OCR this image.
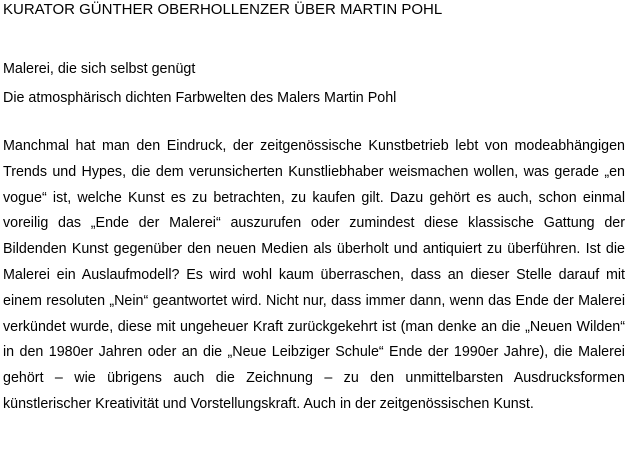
KURATOR GÜNTHER OBERHOLLENZER ÜBER MARTIN POHL

Malerei, die sich selbst genügt

Die atmosphärisch dichten Farbwelten des Malers Martin Pohl

Manchmal hat man den Eindruck, der zeitgenössische Kunstbetrieb lebt von modeabhängigen Trends und Hypes, die dem verunsicherten Kunstliebhaber weismachen wollen, was gerade „en vogue“ ist, welche Kunst es zu betrachten, zu kaufen gilt. Dazu gehört es auch, schon einmal voreilig das „Ende der Malerei“ auszurufen oder zumindest diese klassische Gattung der Bildenden Kunst gegenüber den neuen Medien als überholt und antiquiert zu überführen. Ist die Malerei ein Auslaufmodell? Es wird wohl kaum überraschen, dass an dieser Stelle darauf mit einem resoluten „Nein“ geantwortet wird. Nicht nur, dass immer dann, wenn das Ende der Malerei verkündet wurde, diese mit ungeheuer Kraft zurückgekehrt ist (man denke an die „Neuen Wilden“ in den 1980er Jahren oder an die „Neue Leibziger Schule“ Ende der 1990er Jahre), die Malerei gehört – wie übrigens auch die Zeichnung – zu den unmittelbarsten Ausdrucksformen künstlerischer Kreativität und Vorstellungskraft. Auch in der zeitgenössischen Kunst.
